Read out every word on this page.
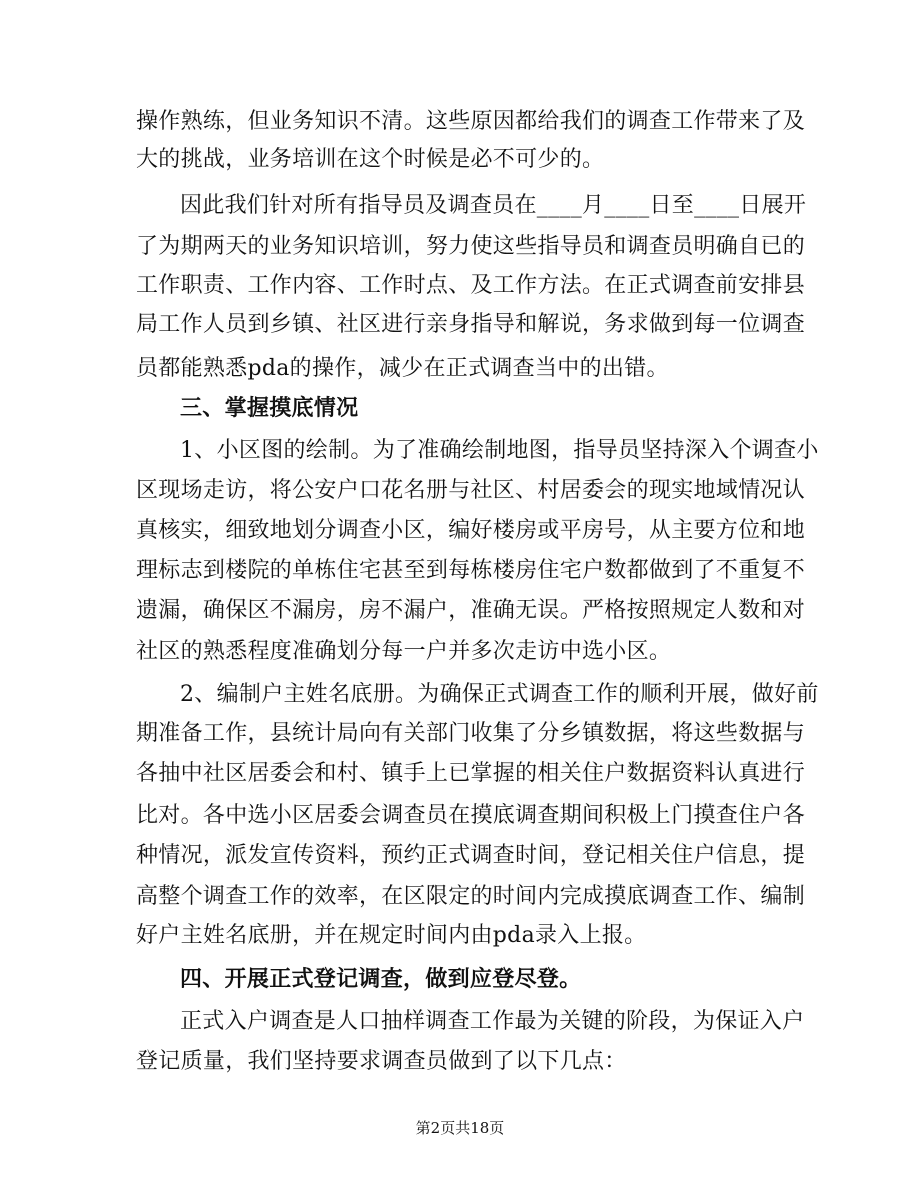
操作熟练，但业务知识不清。这些原因都给我们的调查工作带来了及
大的挑战，业务培训在这个时候是必不可少的。
因此我们针对所有指导员及调查员在____月____日至____日展开
了为期两天的业务知识培训，努力使这些指导员和调查员明确自已的
工作职责、工作内容、工作时点、及工作方法。在正式调查前安排县
局工作人员到乡镇、社区进行亲身指导和解说，务求做到每一位调查
员都能熟悉pda的操作，减少在正式调查当中的出错。
三、掌握摸底情况
1、小区图的绘制。为了准确绘制地图，指导员坚持深入个调查小
区现场走访，将公安户口花名册与社区、村居委会的现实地域情况认
真核实，细致地划分调查小区，编好楼房或平房号，从主要方位和地
理标志到楼院的单栋住宅甚至到每栋楼房住宅户数都做到了不重复不
遗漏，确保区不漏房，房不漏户，准确无误。严格按照规定人数和对
社区的熟悉程度准确划分每一户并多次走访中选小区。
2、编制户主姓名底册。为确保正式调查工作的顺利开展，做好前
期准备工作，县统计局向有关部门收集了分乡镇数据，将这些数据与
各抽中社区居委会和村、镇手上已掌握的相关住户数据资料认真进行
比对。各中选小区居委会调查员在摸底调查期间积极上门摸查住户各
种情况，派发宣传资料，预约正式调查时间，登记相关住户信息，提
高整个调查工作的效率，在区限定的时间内完成摸底调查工作、编制
好户主姓名底册，并在规定时间内由pda录入上报。
四、开展正式登记调查，做到应登尽登。
正式入户调查是人口抽样调查工作最为关键的阶段，为保证入户
登记质量，我们坚持要求调查员做到了以下几点：
第2页共18页
